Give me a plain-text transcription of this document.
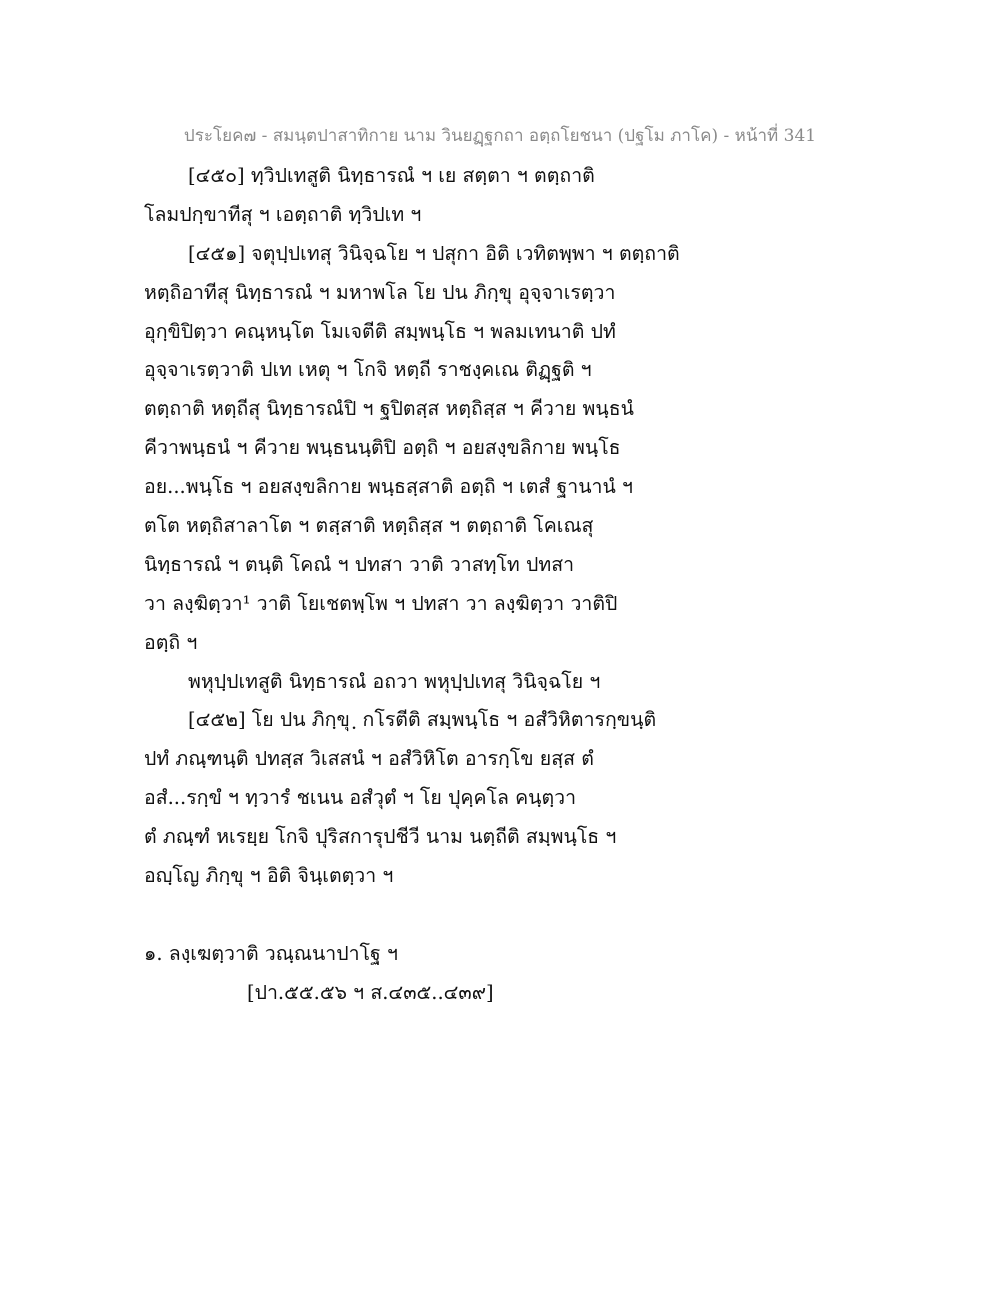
ประโยค๗ - สมนฺตปาสาทิกาย นาม วินยฏฺฐกถา อตฺถโยชนา (ปฐโม ภาโค) - หน้าที่ 341
[๔๕๐] ทฺวิปเทสูติ นิทฺธารณํ ฯ เย สตฺตา ฯ ตตฺถาติ
โลมปกฺขาทีสุ ฯ เอตฺถาติ ทฺวิปเท ฯ
[๔๕๑] จตุปฺปเทสุ วินิจฺฉโย ฯ ปสุกา อิติ เวทิตพฺพา ฯ ตตฺถาติ
หตฺถิอาทีสุ นิทฺธารณํ ฯ มหาพโล โย ปน ภิกฺขุ อุจฺจาเรตฺวา
อุกฺขิปิตฺวา คณฺหนฺโต โมเจตีติ สมฺพนฺโธ ฯ พลมเทนาติ ปทํ
อุจฺจาเรตฺวาติ ปเท เหตุ ฯ โกจิ หตฺถี ราชงฺคเณ ติฏฺฐติ ฯ
ตตฺถาติ หตฺถีสุ นิทฺธารณํปิ ฯ ฐปิตสฺส หตฺถิสฺส ฯ คีวาย พนฺธนํ
คีวาพนฺธนํ ฯ คีวาย พนฺธนนฺติปิ อตฺถิ ฯ อยสงฺขลิกาย พนฺโธ
อย...พนฺโธ ฯ อยสงฺขลิกาย พนฺธสฺสาติ อตฺถิ ฯ เตสํ ฐานานํ ฯ
ตโต หตฺถิสาลาโต ฯ ตสฺสาติ หตฺถิสฺส ฯ ตตฺถาติ โคเณสุ
นิทฺธารณํ ฯ ตนฺติ โคณํ ฯ ปทสา วาติ วาสทฺโท ปทสา
วา ลงฺฆิตฺวา¹ วาติ โยเชตพฺโพ ฯ ปทสา วา ลงฺฆิตฺวา วาติปิ
อตฺถิ ฯ
พหุปฺปเทสูติ นิทฺธารณํ อถวา พหุปฺปเทสุ วินิจฺฉโย ฯ
[๔๕๒] โย ปน ภิกฺขุ ฺ กโรตีติ สมฺพนฺโธ ฯ อสํวิหิตารกฺขนฺติ
ปทํ ภณฺฑนฺติ ปทสฺส วิเสสนํ ฯ อสํวิหิโต อารกฺโข ยสฺส ตํ
อสํ...รกฺขํ ฯ ทฺวารํ ชเนน อสํวุตํ ฯ โย ปุคฺคโล คนฺตฺวา
ตํ ภณฺฑํ หเรยฺย โกจิ ปุริสการุปชีวี นาม นตฺถีติ สมฺพนฺโธ ฯ
อญฺโญ ภิกฺขุ ฯ อิติ จินฺเตตฺวา ฯ
๑. ลงฺเฆตฺวาติ วณฺณนาปาโฐ ฯ
[ปา.๕๕.๕๖ ฯ ส.๔๓๕..๔๓๙]
